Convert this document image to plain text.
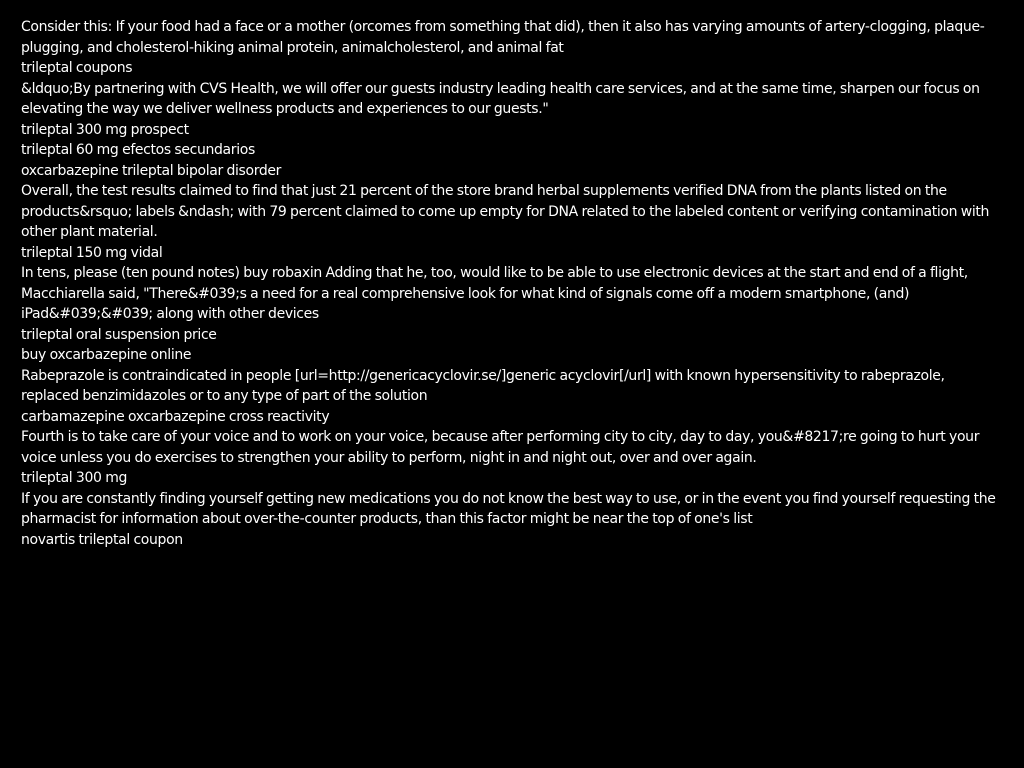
Consider this: If your food had a face or a mother (orcomes from something that did), then it also has varying amounts of artery-clogging, plaque-plugging, and cholesterol-hiking animal protein, animalcholesterol, and animal fat

trileptal coupons

&ldquo;By partnering with CVS Health, we will offer our guests industry leading health care services, and at the same time, sharpen our focus on elevating the way we deliver wellness products and experiences to our guests."

trileptal 300 mg prospect

trileptal 60 mg efectos secundarios

oxcarbazepine trileptal bipolar disorder

Overall, the test results claimed to find that just 21 percent of the store brand herbal supplements verified DNA from the plants listed on the products&rsquo; labels &ndash; with 79 percent claimed to come up empty for DNA related to the labeled content or verifying contamination with other plant material.

trileptal 150 mg vidal

In tens, please (ten pound notes) buy robaxin Adding that he, too, would like to be able to use electronic devices at the start and end of a flight, Macchiarella said, "There&#039;s a need for a real comprehensive look for what kind of signals come off a modern smartphone, (and) iPad&#039;&#039; along with other devices

trileptal oral suspension price

buy oxcarbazepine online

Rabeprazole is contraindicated in people [url=http://genericacyclovir.se/]generic acyclovir[/url] with known hypersensitivity to rabeprazole, replaced benzimidazoles or to any type of part of the solution

carbamazepine oxcarbazepine cross reactivity

Fourth is to take care of your voice and to work on your voice, because after performing city to city, day to day, you&#8217;re going to hurt your voice unless you do exercises to strengthen your ability to perform, night in and night out, over and over again.

trileptal 300 mg

If you are constantly finding yourself getting new medications you do not know the best way to use, or in the event you find yourself requesting the pharmacist for information about over-the-counter products, than this factor might be near the top of one's list

novartis trileptal coupon
